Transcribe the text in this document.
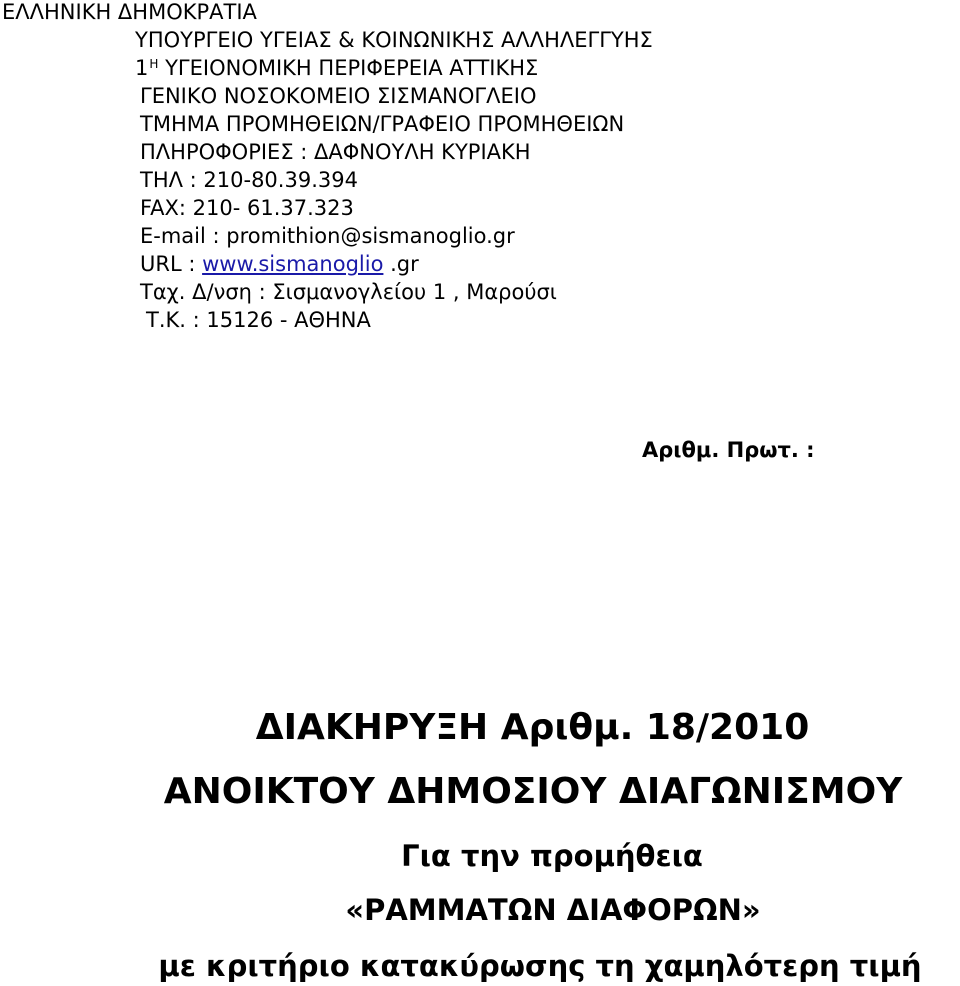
ΕΛΛΗΝΙΚΗ ΔΗΜΟΚΡΑΤΙΑ
ΥΠΟΥΡΓΕΙΟ ΥΓΕΙΑΣ & ΚΟΙΝΩΝΙΚΗΣ ΑΛΛΗΛΕΓΓΥΗΣ
$1^H$ ΥΓΕΙΟΝΟΜΙΚΗ ΠΕΡΙΦΕΡΕΙΑ ΑΤΤΙΚΗΣ
ΓΕΝΙΚΟ ΝΟΣΟΚΟΜΕΙΟ ΣΙΣΜΑΝΟΓΛΕΙΟ
ΤΜΗΜΑ ΠΡΟΜΗΘΕΙΩΝ/ΓΡΑΦΕΙΟ ΠΡΟΜΗΘΕΙΩΝ
ΠΛΗΡΟΦΟΡΙΕΣ : ΔΑΦΝΟΥΛΗ ΚΥΡΙΑΚΗ
ΤΗΛ : 210-80.39.394
FAX: 210- 61.37.323
E-mail : promithion@sismanoglio.gr
URL : www.sismanoglio .gr
Ταχ. Δ/νση : Σισμανογλείου 1 , Μαρούσι
Τ.Κ. : 15126 - ΑΘΗΝΑ
Αριθμ. Πρωτ. :
ΔΙΑΚΗΡΥΞΗ Αριθμ. 18/2010
ΑΝΟΙΚΤΟΥ ΔΗΜΟΣΙΟΥ ΔΙΑΓΩΝΙΣΜΟΥ
Για την προμήθεια
«ΡΑΜΜΑΤΩΝ ΔΙΑΦΟΡΩΝ»
με κριτήριο κατακύρωσης τη χαμηλότερη τιμή
